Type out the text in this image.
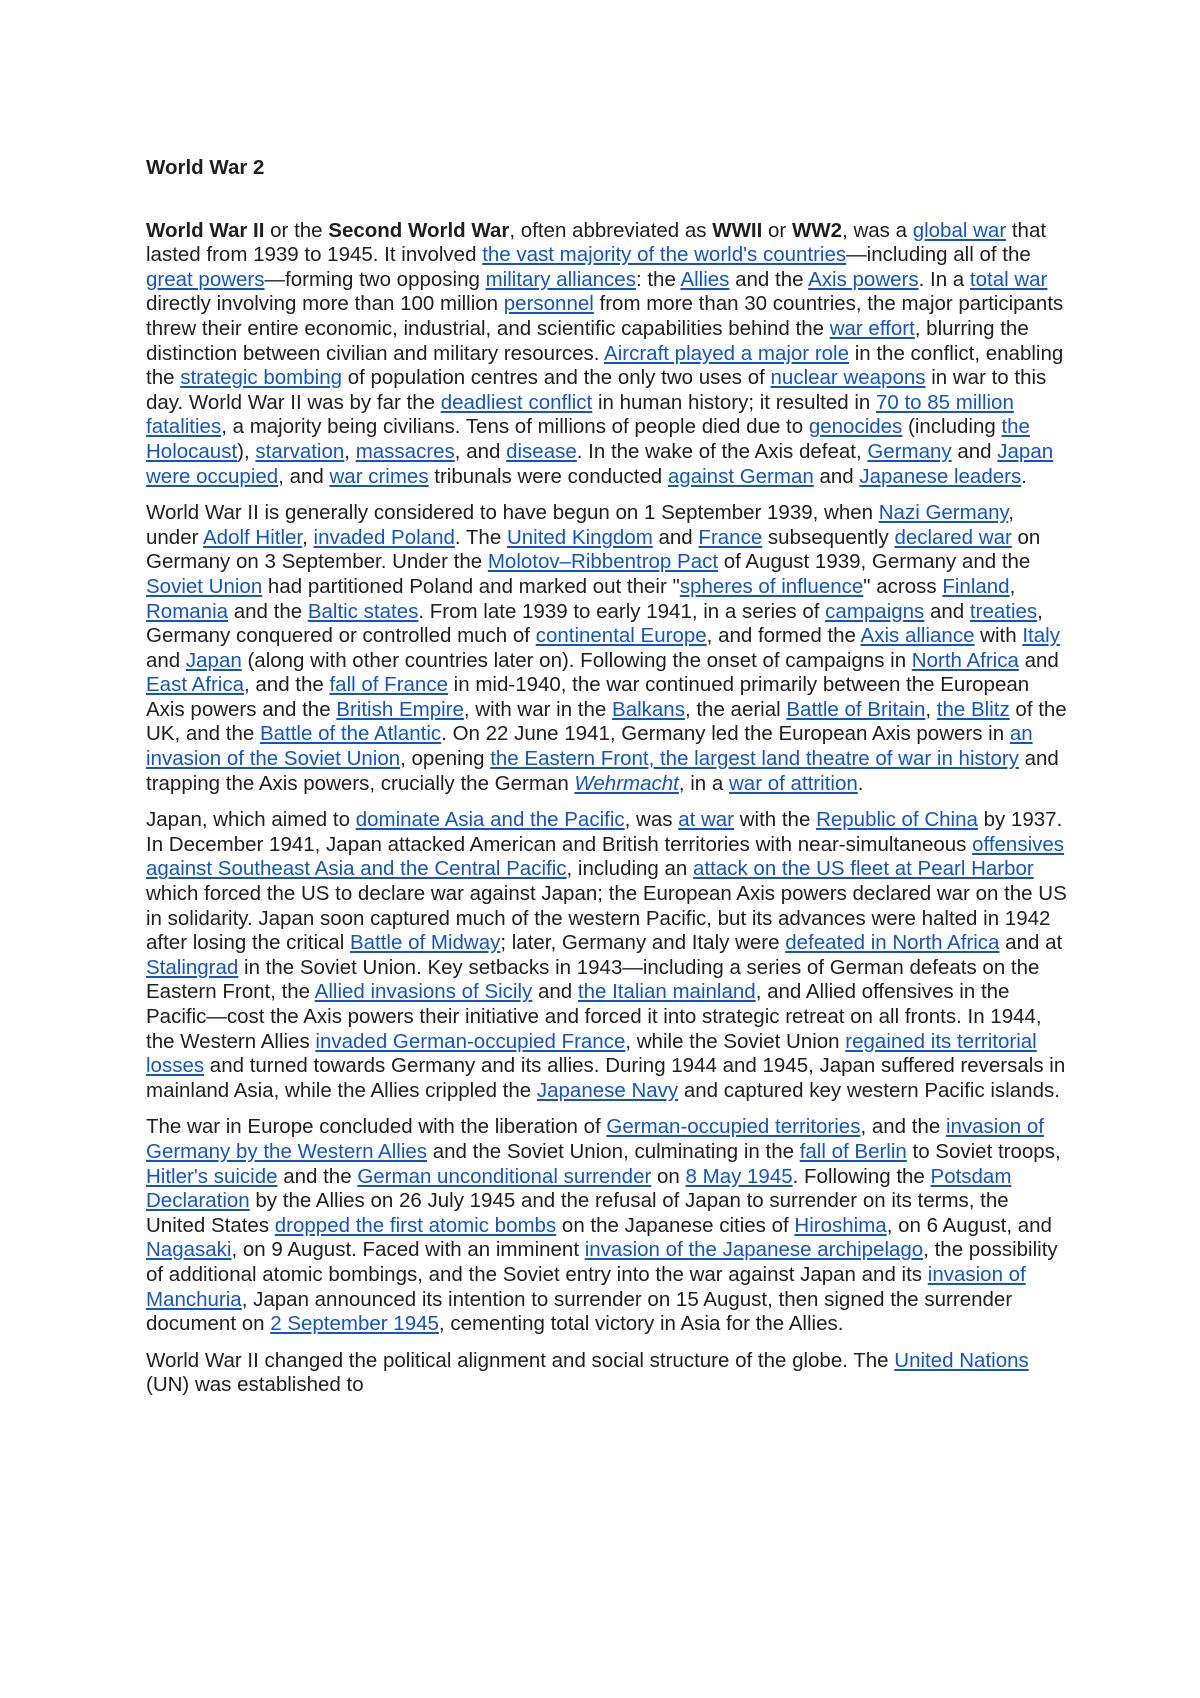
World War 2

World War II or the Second World War, often abbreviated as WWII or WW2, was a global war that lasted from 1939 to 1945. It involved the vast majority of the world's countries—including all of the great powers—forming two opposing military alliances: the Allies and the Axis powers. In a total war directly involving more than 100 million personnel from more than 30 countries, the major participants threw their entire economic, industrial, and scientific capabilities behind the war effort, blurring the distinction between civilian and military resources. Aircraft played a major role in the conflict, enabling the strategic bombing of population centres and the only two uses of nuclear weapons in war to this day. World War II was by far the deadliest conflict in human history; it resulted in 70 to 85 million fatalities, a majority being civilians. Tens of millions of people died due to genocides (including the Holocaust), starvation, massacres, and disease. In the wake of the Axis defeat, Germany and Japan were occupied, and war crimes tribunals were conducted against German and Japanese leaders.

World War II is generally considered to have begun on 1 September 1939, when Nazi Germany, under Adolf Hitler, invaded Poland. The United Kingdom and France subsequently declared war on Germany on 3 September. Under the Molotov–Ribbentrop Pact of August 1939, Germany and the Soviet Union had partitioned Poland and marked out their "spheres of influence" across Finland, Romania and the Baltic states. From late 1939 to early 1941, in a series of campaigns and treaties, Germany conquered or controlled much of continental Europe, and formed the Axis alliance with Italy and Japan (along with other countries later on). Following the onset of campaigns in North Africa and East Africa, and the fall of France in mid-1940, the war continued primarily between the European Axis powers and the British Empire, with war in the Balkans, the aerial Battle of Britain, the Blitz of the UK, and the Battle of the Atlantic. On 22 June 1941, Germany led the European Axis powers in an invasion of the Soviet Union, opening the Eastern Front, the largest land theatre of war in history and trapping the Axis powers, crucially the German Wehrmacht, in a war of attrition.

Japan, which aimed to dominate Asia and the Pacific, was at war with the Republic of China by 1937. In December 1941, Japan attacked American and British territories with near-simultaneous offensives against Southeast Asia and the Central Pacific, including an attack on the US fleet at Pearl Harbor which forced the US to declare war against Japan; the European Axis powers declared war on the US in solidarity. Japan soon captured much of the western Pacific, but its advances were halted in 1942 after losing the critical Battle of Midway; later, Germany and Italy were defeated in North Africa and at Stalingrad in the Soviet Union. Key setbacks in 1943—including a series of German defeats on the Eastern Front, the Allied invasions of Sicily and the Italian mainland, and Allied offensives in the Pacific—cost the Axis powers their initiative and forced it into strategic retreat on all fronts. In 1944, the Western Allies invaded German-occupied France, while the Soviet Union regained its territorial losses and turned towards Germany and its allies. During 1944 and 1945, Japan suffered reversals in mainland Asia, while the Allies crippled the Japanese Navy and captured key western Pacific islands.

The war in Europe concluded with the liberation of German-occupied territories, and the invasion of Germany by the Western Allies and the Soviet Union, culminating in the fall of Berlin to Soviet troops, Hitler's suicide and the German unconditional surrender on 8 May 1945. Following the Potsdam Declaration by the Allies on 26 July 1945 and the refusal of Japan to surrender on its terms, the United States dropped the first atomic bombs on the Japanese cities of Hiroshima, on 6 August, and Nagasaki, on 9 August. Faced with an imminent invasion of the Japanese archipelago, the possibility of additional atomic bombings, and the Soviet entry into the war against Japan and its invasion of Manchuria, Japan announced its intention to surrender on 15 August, then signed the surrender document on 2 September 1945, cementing total victory in Asia for the Allies.

World War II changed the political alignment and social structure of the globe. The United Nations (UN) was established to
